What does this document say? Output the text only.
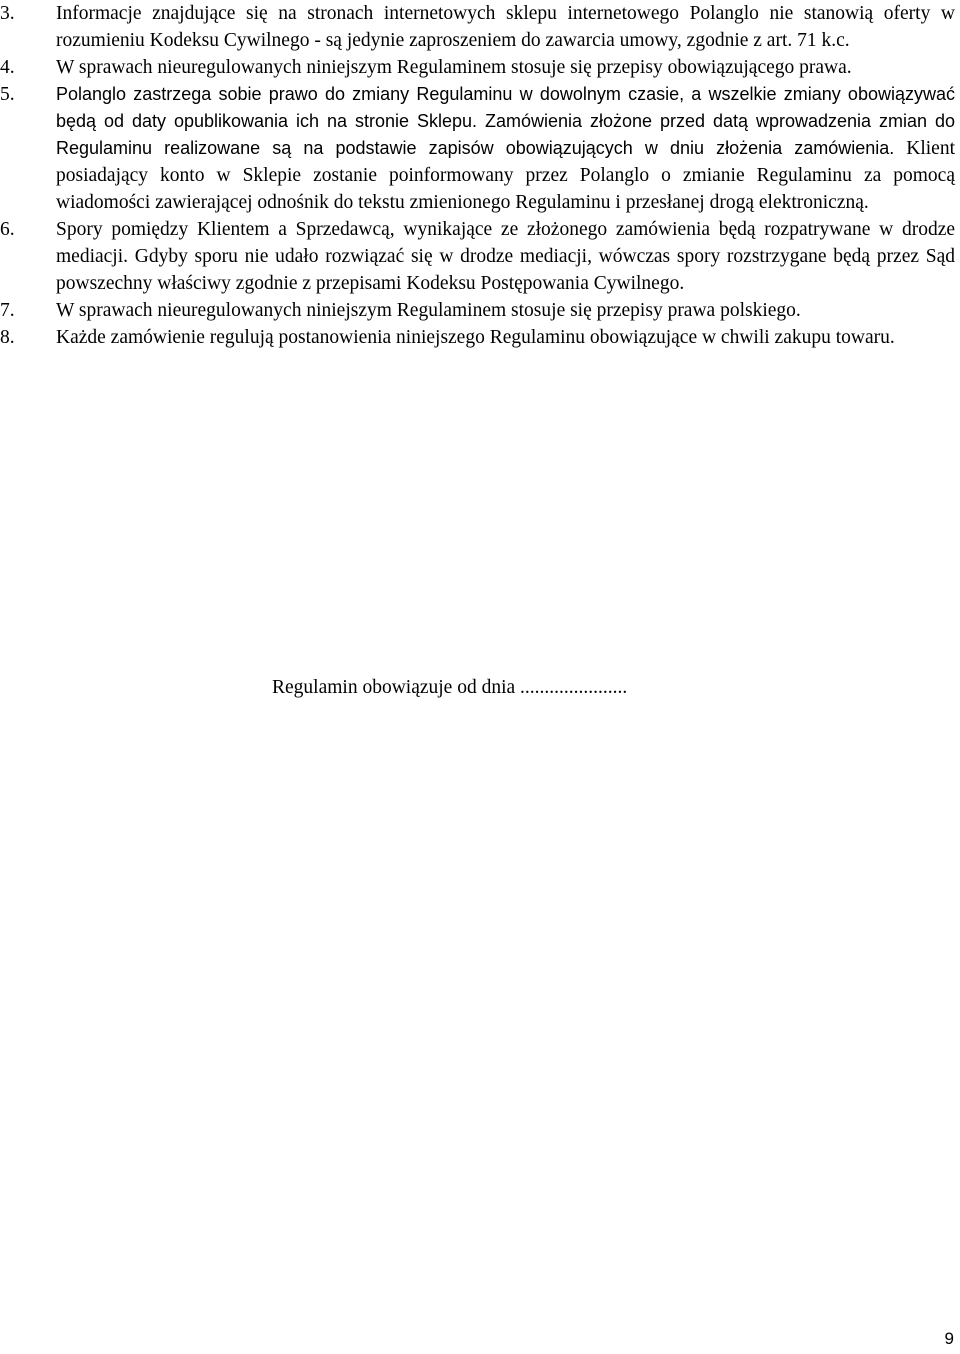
3. Informacje znajdujące się na stronach internetowych sklepu internetowego Polanglo nie stanowią oferty w rozumieniu Kodeksu Cywilnego - są jedynie zaproszeniem do zawarcia umowy, zgodnie z art. 71 k.c.
4. W sprawach nieuregulowanych niniejszym Regulaminem stosuje się przepisy obowiązującego prawa.
5. Polanglo zastrzega sobie prawo do zmiany Regulaminu w dowolnym czasie, a wszelkie zmiany obowiązywać będą od daty opublikowania ich na stronie Sklepu. Zamówienia złożone przed datą wprowadzenia zmian do Regulaminu realizowane są na podstawie zapisów obowiązujących w dniu złożenia zamówienia. Klient posiadający konto w Sklepie zostanie poinformowany przez Polanglo o zmianie Regulaminu za pomocą wiadomości zawierającej odnośnik do tekstu zmienionego Regulaminu i przesłanej drogą elektroniczną.
6. Spory pomiędzy Klientem a Sprzedawcą, wynikające ze złożonego zamówienia będą rozpatrywane w drodze mediacji. Gdyby sporu nie udało rozwiązać się w drodze mediacji, wówczas spory rozstrzygane będą przez Sąd powszechny właściwy zgodnie z przepisami Kodeksu Postępowania Cywilnego.
7. W sprawach nieuregulowanych niniejszym Regulaminem stosuje się przepisy prawa polskiego.
8. Każde zamówienie regulują postanowienia niniejszego Regulaminu obowiązujące w chwili zakupu towaru.
Regulamin obowiązuje od dnia ......................
9
